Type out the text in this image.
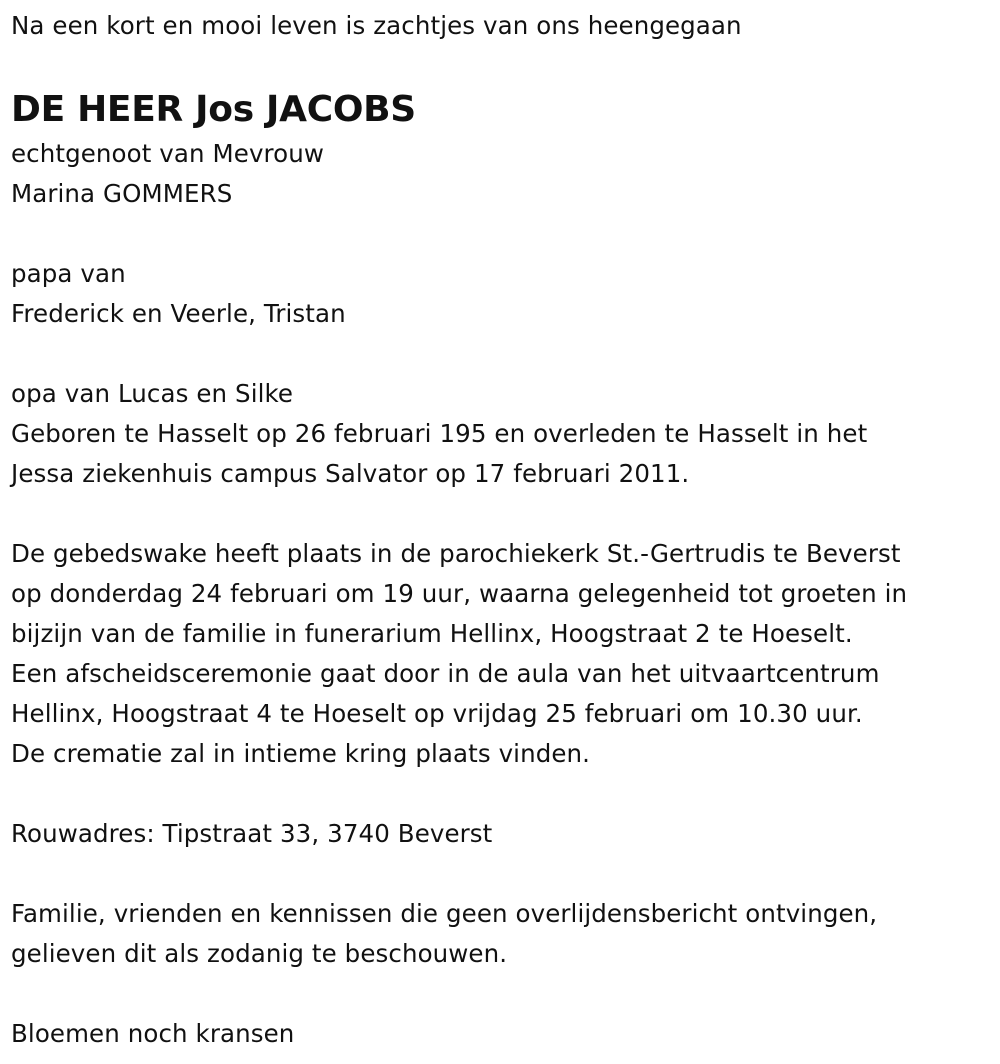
Na een kort en mooi leven is zachtjes van ons heengegaan
DE HEER Jos JACOBS
echtgenoot van Mevrouw
Marina GOMMERS
papa van
Frederick en Veerle, Tristan
opa van Lucas en Silke
Geboren te Hasselt op 26 februari 195 en overleden te Hasselt in het
Jessa ziekenhuis campus Salvator op 17 februari 2011.
De gebedswake heeft plaats in de parochiekerk St.-Gertrudis te Beverst
op donderdag 24 februari om 19 uur, waarna gelegenheid tot groeten in
bijzijn van de familie in funerarium Hellinx, Hoogstraat 2 te Hoeselt.
Een afscheidsceremonie gaat door in de aula van het uitvaartcentrum
Hellinx, Hoogstraat 4 te Hoeselt op vrijdag 25 februari om 10.30 uur.
De crematie zal in intieme kring plaats vinden.
Rouwadres: Tipstraat 33, 3740 Beverst
Familie, vrienden en kennissen die geen overlijdensbericht ontvingen,
gelieven dit als zodanig te beschouwen.
Bloemen noch kransen
